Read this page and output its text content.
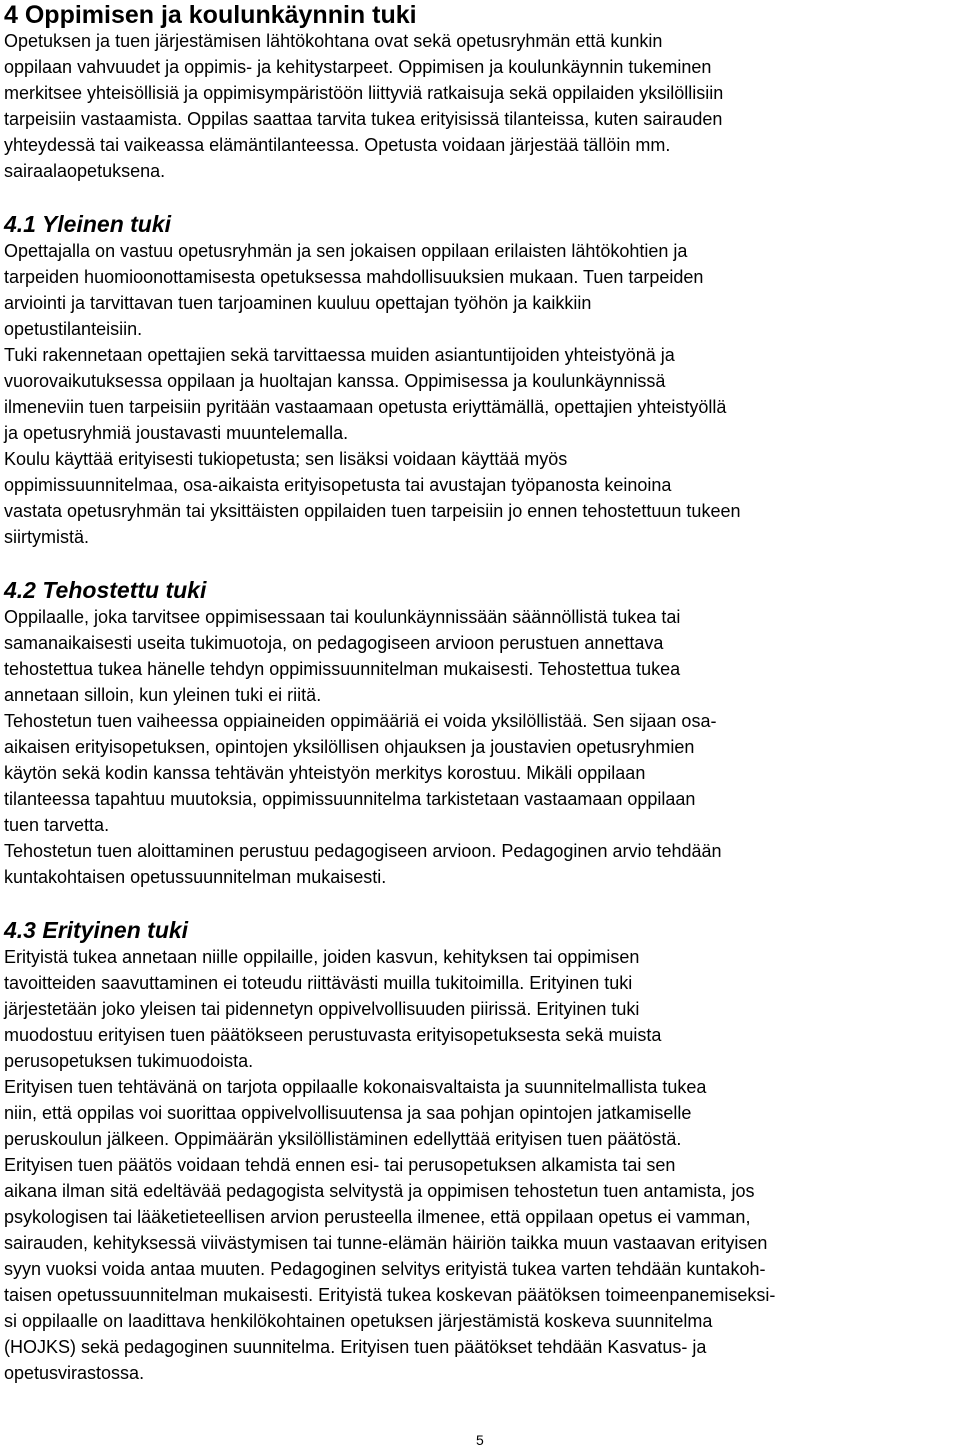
4 Oppimisen ja koulunkäynnin tuki
Opetuksen ja tuen järjestämisen lähtökohtana ovat sekä opetusryhmän että kunkin
oppilaan vahvuudet ja oppimis- ja kehitystarpeet. Oppimisen ja koulunkäynnin tukeminen
merkitsee yhteisöllisiä ja oppimisympäristöön liittyviä ratkaisuja sekä oppilaiden yksilöllisiin
tarpeisiin vastaamista. Oppilas saattaa tarvita tukea erityisissä tilanteissa, kuten sairauden
yhteydessä tai vaikeassa elämäntilanteessa. Opetusta voidaan järjestää tällöin mm.
sairaalaopetuksena.
4.1 Yleinen tuki
Opettajalla on vastuu opetusryhmän ja sen jokaisen oppilaan erilaisten lähtökohtien ja
tarpeiden huomioonottamisesta opetuksessa mahdollisuuksien mukaan. Tuen tarpeiden
arviointi ja tarvittavan tuen tarjoaminen kuuluu opettajan työhön ja kaikkiin
opetustilanteisiin.
Tuki rakennetaan opettajien sekä tarvittaessa muiden asiantuntijoiden yhteistyönä ja
vuorovaikutuksessa oppilaan ja huoltajan kanssa. Oppimisessa ja koulunkäynnissä
ilmeneviin tuen tarpeisiin pyritään vastaamaan opetusta eriyttämällä, opettajien yhteistyöllä
ja opetusryhmiä joustavasti muuntelemalla.
Koulu käyttää erityisesti tukiopetusta; sen lisäksi voidaan käyttää myös
oppimissuunnitelmaa, osa-aikaista erityisopetusta tai avustajan työpanosta keinoina
vastata opetusryhmän tai yksittäisten oppilaiden tuen tarpeisiin jo ennen tehostettuun tukeen
siirtymistä.
4.2 Tehostettu tuki
Oppilaalle, joka tarvitsee oppimisessaan tai koulunkäynnissään säännöllistä tukea tai
samanaikaisesti useita tukimuotoja, on pedagogiseen arvioon perustuen annettava
tehostettua tukea hänelle tehdyn oppimissuunnitelman mukaisesti. Tehostettua tukea
annetaan silloin, kun yleinen tuki ei riitä.
Tehostetun tuen vaiheessa oppiaineiden oppimääriä ei voida yksilöllistää. Sen sijaan osa-
aikaisen erityisopetuksen, opintojen yksilöllisen ohjauksen ja joustavien opetusryhmien
käytön sekä kodin kanssa tehtävän yhteistyön merkitys korostuu. Mikäli oppilaan
tilanteessa tapahtuu muutoksia, oppimissuunnitelma tarkistetaan vastaamaan oppilaan
tuen tarvetta.
Tehostetun tuen aloittaminen perustuu pedagogiseen arvioon. Pedagoginen arvio tehdään
kuntakohtaisen opetussuunnitelman mukaisesti.
4.3 Erityinen tuki
Erityistä tukea annetaan niille oppilaille, joiden kasvun, kehityksen tai oppimisen
tavoitteiden saavuttaminen ei toteudu riittävästi muilla tukitoimilla. Erityinen tuki
järjestetään joko yleisen tai pidennetyn oppivelvollisuuden piirissä. Erityinen tuki
muodostuu erityisen tuen päätökseen perustuvasta erityisopetuksesta sekä muista
perusopetuksen tukimuodoista.
Erityisen tuen tehtävänä on tarjota oppilaalle kokonaisvaltaista ja suunnitelmallista tukea
niin, että oppilas voi suorittaa oppivelvollisuutensa ja saa pohjan opintojen jatkamiselle
peruskoulun jälkeen. Oppimäärän yksilöllistäminen edellyttää erityisen tuen päätöstä.
Erityisen tuen päätös voidaan tehdä ennen esi- tai perusopetuksen alkamista tai sen
aikana ilman sitä edeltävää pedagogista selvitystä ja oppimisen tehostetun tuen antamista, jos
psykologisen tai lääketieteellisen arvion perusteella ilmenee, että oppilaan opetus ei vamman,
sairauden, kehityksessä viivästymisen tai tunne-elämän häiriön taikka muun vastaavan erityisen
syyn vuoksi voida antaa muuten. Pedagoginen selvitys erityistä tukea varten tehdään kuntakoh-
taisen opetussuunnitelman mukaisesti. Erityistä tukea koskevan päätöksen toimeenpanemiseksi-
si oppilaalle on laadittava henkilökohtainen opetuksen järjestämistä koskeva suunnitelma
(HOJKS) sekä pedagoginen suunnitelma. Erityisen tuen päätökset tehdään Kasvatus- ja
opetusvirastossa.
5
